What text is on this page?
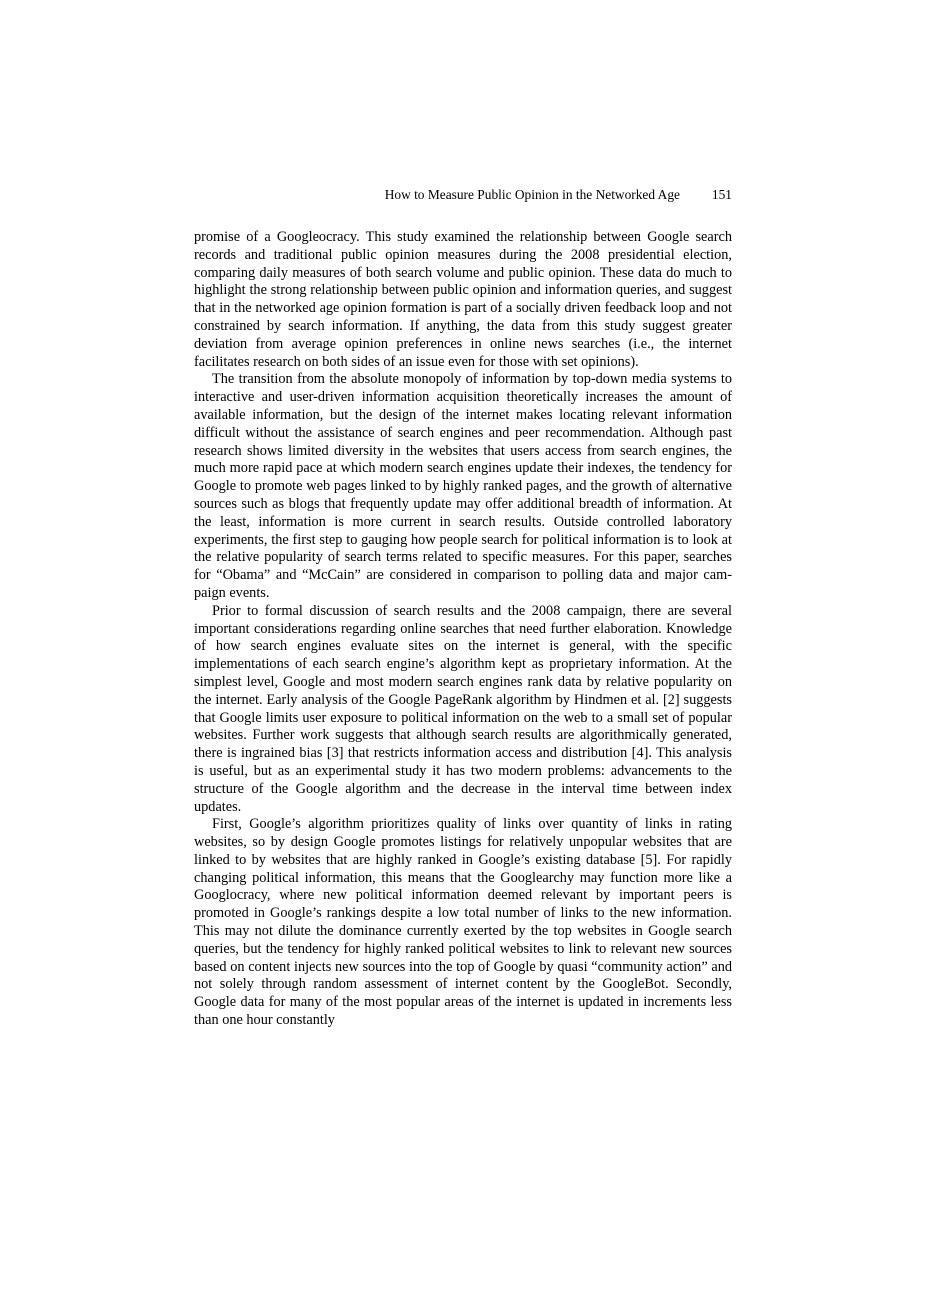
How to Measure Public Opinion in the Networked Age 151

promise of a Googleocracy. This study examined the relationship between Google search records and traditional public opinion measures during the 2008 presidential election, comparing daily measures of both search volume and public opinion. These data do much to highlight the strong relationship between public opinion and information queries, and suggest that in the networked age opinion formation is part of a socially driven feedback loop and not constrained by search information. If anything, the data from this study suggest greater deviation from average opinion preferences in online news searches (i.e., the internet facilitates research on both sides of an issue even for those with set opinions).

The transition from the absolute monopoly of information by top-down media systems to interactive and user-driven information acquisition theoretically increases the amount of available information, but the design of the internet makes locating relevant information difficult without the assistance of search engines and peer recommendation. Although past research shows limited diversity in the websites that users access from search engines, the much more rapid pace at which modern search engines update their indexes, the tendency for Google to promote web pages linked to by highly ranked pages, and the growth of alternative sources such as blogs that frequently update may offer additional breadth of information. At the least, information is more current in search results. Outside controlled laboratory experiments, the first step to gauging how people search for political information is to look at the relative popularity of search terms related to specific measures. For this paper, searches for “Obama” and “McCain” are considered in comparison to polling data and major campaign events.

Prior to formal discussion of search results and the 2008 campaign, there are several important considerations regarding online searches that need further elaboration. Knowledge of how search engines evaluate sites on the internet is general, with the specific implementations of each search engine’s algorithm kept as proprietary information. At the simplest level, Google and most modern search engines rank data by relative popularity on the internet. Early analysis of the Google PageRank algorithm by Hindmen et al. [2] suggests that Google limits user exposure to political information on the web to a small set of popular websites. Further work suggests that although search results are algorithmically generated, there is ingrained bias [3] that restricts information access and distribution [4]. This analysis is useful, but as an experimental study it has two modern problems: advancements to the structure of the Google algorithm and the decrease in the interval time between index updates.

First, Google’s algorithm prioritizes quality of links over quantity of links in rating websites, so by design Google promotes listings for relatively unpopular websites that are linked to by websites that are highly ranked in Google’s existing database [5]. For rapidly changing political information, this means that the Googlearchy may function more like a Googlocracy, where new political information deemed relevant by important peers is promoted in Google’s rankings despite a low total number of links to the new information. This may not dilute the dominance currently exerted by the top websites in Google search queries, but the tendency for highly ranked political websites to link to relevant new sources based on content injects new sources into the top of Google by quasi “community action” and not solely through random assessment of internet content by the GoogleBot. Secondly, Google data for many of the most popular areas of the internet is updated in increments less than one hour constantly
